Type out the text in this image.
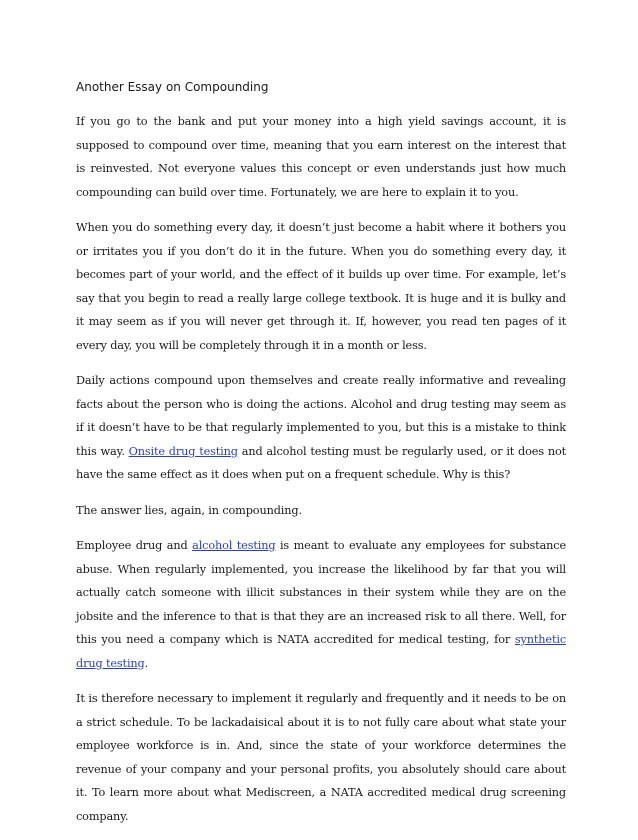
Another Essay on Compounding

If you go to the bank and put your money into a high yield savings account, it is supposed to compound over time, meaning that you earn interest on the interest that is reinvested. Not everyone values this concept or even understands just how much compounding can build over time. Fortunately, we are here to explain it to you.

When you do something every day, it doesn’t just become a habit where it bothers you or irritates you if you don’t do it in the future. When you do something every day, it becomes part of your world, and the effect of it builds up over time. For example, let’s say that you begin to read a really large college textbook. It is huge and it is bulky and it may seem as if you will never get through it. If, however, you read ten pages of it every day, you will be completely through it in a month or less.

Daily actions compound upon themselves and create really informative and revealing facts about the person who is doing the actions. Alcohol and drug testing may seem as if it doesn’t have to be that regularly implemented to you, but this is a mistake to think this way. Onsite drug testing and alcohol testing must be regularly used, or it does not have the same effect as it does when put on a frequent schedule. Why is this?

The answer lies, again, in compounding.

Employee drug and alcohol testing is meant to evaluate any employees for substance abuse. When regularly implemented, you increase the likelihood by far that you will actually catch someone with illicit substances in their system while they are on the jobsite and the inference to that is that they are an increased risk to all there. Well, for this you need a company which is NATA accredited for medical testing, for synthetic drug testing.

It is therefore necessary to implement it regularly and frequently and it needs to be on a strict schedule. To be lackadaisical about it is to not fully care about what state your employee workforce is in. And, since the state of your workforce determines the revenue of your company and your personal profits, you absolutely should care about it. To learn more about what Mediscreen, a NATA accredited medical drug screening company.
